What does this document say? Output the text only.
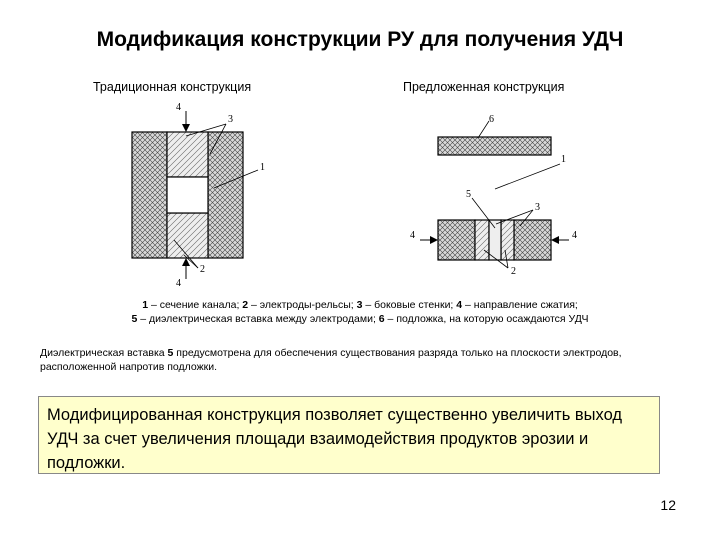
Модификация конструкции РУ для получения УДЧ
Традиционная конструкция	Предложенная конструкция
4
3
1
2
4
6
1
5
3
4	4
2
1 – сечение канала; 2 – электроды-рельсы; 3 – боковые стенки; 4 – направление сжатия;
5 – диэлектрическая вставка между электродами; 6 – подложка, на которую осаждаются УДЧ
Диэлектрическая вставка 5 предусмотрена для обеспечения существования разряда только на плоскости электродов, расположенной напротив подложки.
Модифицированная конструкция позволяет существенно увеличить выход УДЧ за счет увеличения площади взаимодействия продуктов эрозии и подложки.
12
